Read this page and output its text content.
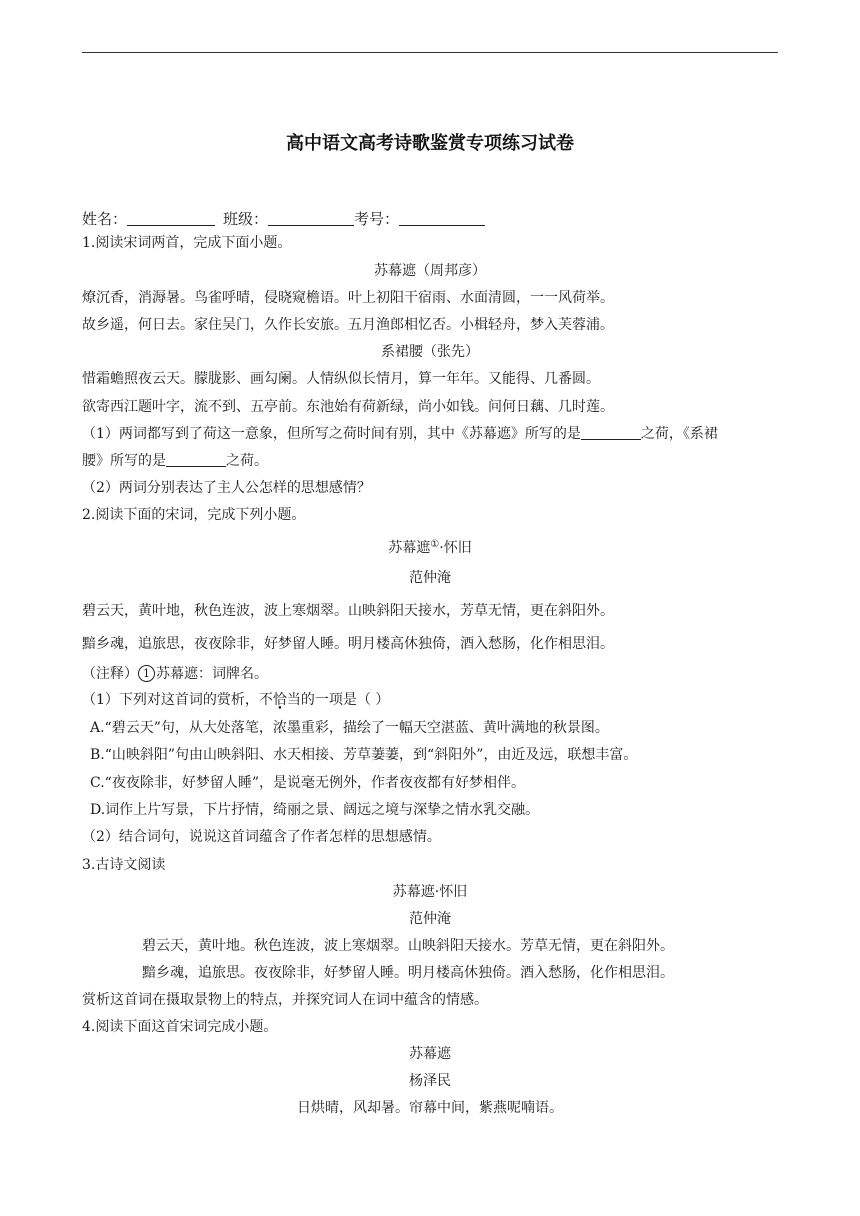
高中语文高考诗歌鉴赏专项练习试卷
姓名：	班级：	考号：
1.阅读宋词两首，完成下面小题。
苏幕遮（周邦彦）
燎沉香，消溽暑。鸟雀呼晴，侵晓窥檐语。叶上初阳干宿雨、水面清圆，一一风荷举。
故乡遥，何日去。家住吴门，久作长安旅。五月渔郎相忆否。小楫轻舟，梦入芙蓉浦。
系裙腰（张先）
惜霜蟾照夜云天。朦胧影、画勾阑。人情纵似长情月，算一年年。又能得、几番圆。
欲寄西江题叶字，流不到、五亭前。东池始有荷新绿，尚小如钱。问何日藕、几时莲。
（1）两词都写到了荷这一意象，但所写之荷时间有别，其中《苏幕遮》所写的是	之荷，《系裙
腰》所写的是	之荷。
（2）两词分别表达了主人公怎样的思想感情？
2.阅读下面的宋词，完成下列小题。
苏幕遮①·怀旧
范仲淹
碧云天，黄叶地，秋色连波，波上寒烟翠。山映斜阳天接水，芳草无情，更在斜阳外。
黯乡魂，追旅思，夜夜除非，好梦留人睡。明月楼高休独倚，酒入愁肠，化作相思泪。
（注释） 1 苏幕遮：词牌名。
（1）下列对这首词的赏析，不恰当的一项是（ ）
A.“碧云天”句，从大处落笔，浓墨重彩，描绘了一幅天空湛蓝、黄叶满地的秋景图。
B.“山映斜阳”句由山映斜阳、水天相接、芳草萋萋，到“斜阳外”，由近及远，联想丰富。
C.“夜夜除非，好梦留人睡”，是说毫无例外，作者夜夜都有好梦相伴。
D.词作上片写景，下片抒情，绮丽之景、阔远之境与深挚之情水乳交融。
（2）结合词句，说说这首词蕴含了作者怎样的思想感情。
3.古诗文阅读
苏幕遮·怀旧
范仲淹
碧云天，黄叶地。秋色连波，波上寒烟翠。山映斜阳天接水。芳草无情，更在斜阳外。
黯乡魂，追旅思。夜夜除非，好梦留人睡。明月楼高休独倚。酒入愁肠，化作相思泪。
赏析这首词在摄取景物上的特点，并探究词人在词中蕴含的情感。
4.阅读下面这首宋词完成小题。
苏幕遮
杨泽民
日烘晴，风却暑。帘幕中间，紫燕呢喃语。
